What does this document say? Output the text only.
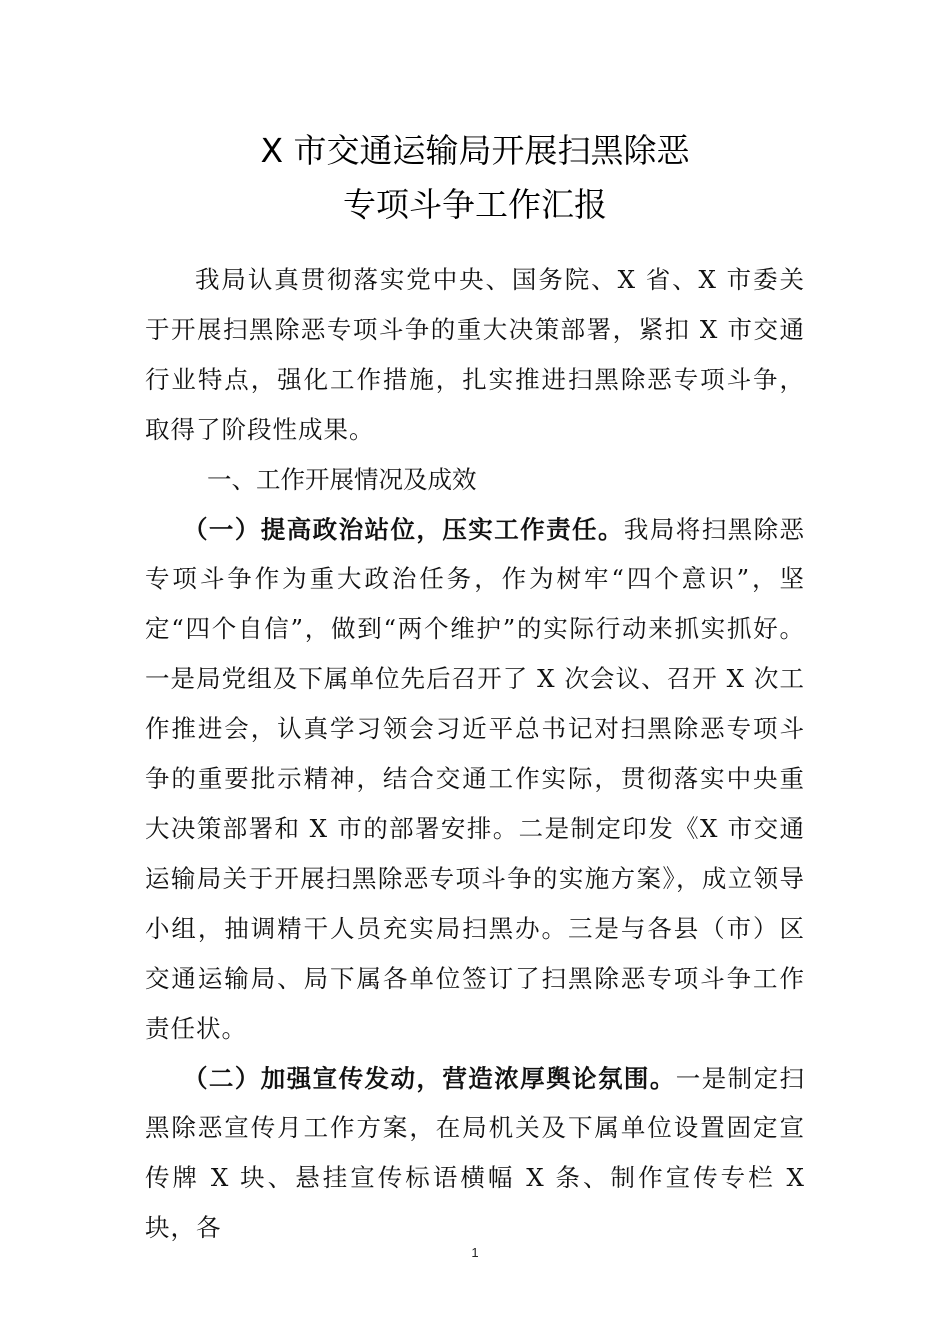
X 市交通运输局开展扫黑除恶
专项斗争工作汇报

我局认真贯彻落实党中央、国务院、X 省、X 市委关于开展扫黑除恶专项斗争的重大决策部署，紧扣 X 市交通行业特点，强化工作措施，扎实推进扫黑除恶专项斗争，取得了阶段性成果。

一、工作开展情况及成效

（一）提高政治站位，压实工作责任。我局将扫黑除恶专项斗争作为重大政治任务，作为树牢“四个意识”，坚定“四个自信”，做到“两个维护”的实际行动来抓实抓好。一是局党组及下属单位先后召开了 X 次会议、召开 X 次工作推进会，认真学习领会习近平总书记对扫黑除恶专项斗争的重要批示精神，结合交通工作实际，贯彻落实中央重大决策部署和 X 市的部署安排。二是制定印发《X 市交通运输局关于开展扫黑除恶专项斗争的实施方案》，成立领导小组，抽调精干人员充实局扫黑办。三是与各县（市）区交通运输局、局下属各单位签订了扫黑除恶专项斗争工作责任状。

（二）加强宣传发动，营造浓厚舆论氛围。一是制定扫黑除恶宣传月工作方案，在局机关及下属单位设置固定宣传牌 X 块、悬挂宣传标语横幅 X 条、制作宣传专栏 X 块，各

1
